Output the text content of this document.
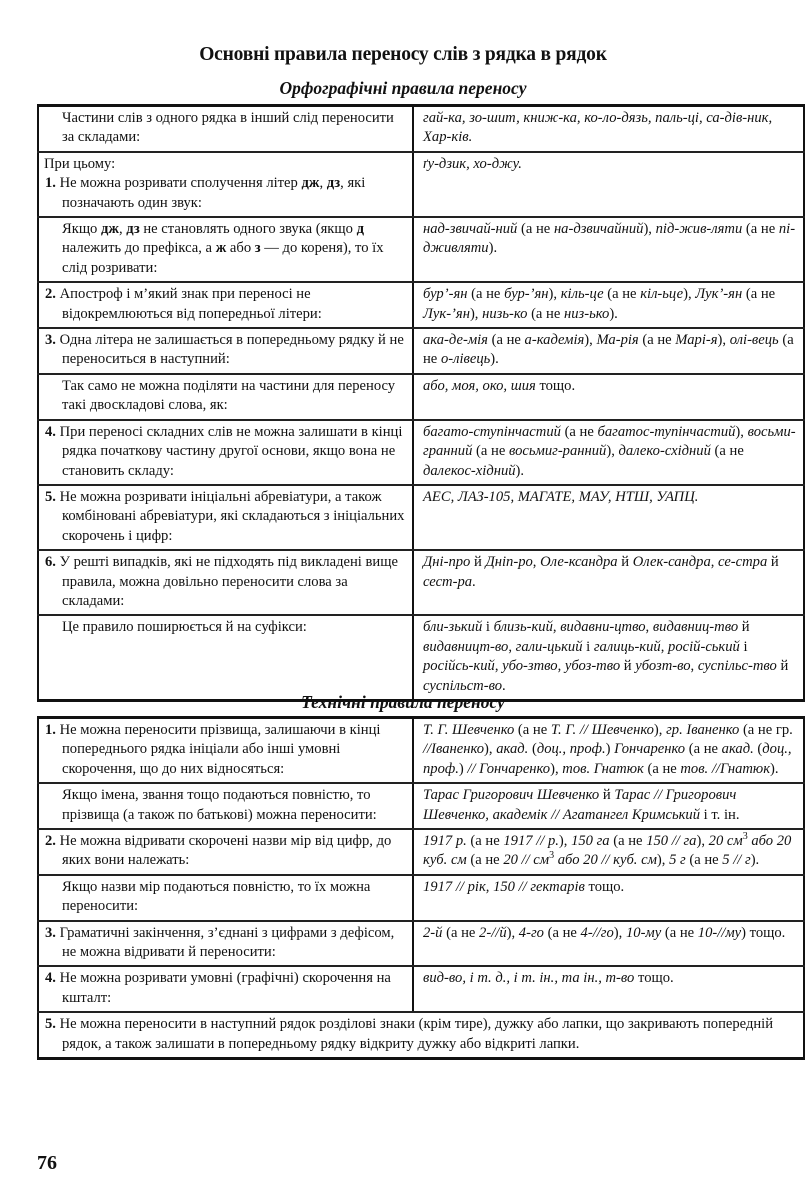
Основні правила переносу слів з рядка в рядок
Орфографічні правила переносу
Частини слів з одного рядка в інший слід переносити за складами:	гай-ка, зо-шит, книж-ка, ко-ло-дязь, паль-ці, са-дів-ник, Хар-ків.

При цьому:
1. Не можна розривати сполучення літер дж, дз, які позначають один звук:	ґу-дзик, хо-джу.

Якщо дж, дз не становлять одного звука (якщо д належить до префікса, а ж або з — до кореня), то їх слід розривати:	над-звичай-ний (а не на-дзвичайний), під-жив-ляти (а не пі-дживляти).

2. Апостроф і м’який знак при переносі не відокремлюються від попередньої літери:	бур’-ян (а не бур-’ян), кіль-це (а не кіл-ьце), Лук’-ян (а не Лук-’ян), низь-ко (а не низ-ько).

3. Одна літера не залишається в попередньому рядку й не переноситься в наступний:	ака-де-мія (а не а-кадемія), Ма-рія (а не Марі-я), олі-вець (а не о-лівець).

Так само не можна поділяти на частини для переносу такі двоскладові слова, як:	або, моя, око, шия тощо.

4. При переносі складних слів не можна залишати в кінці рядка початкову частину другої основи, якщо вона не становить складу:	багато-ступінчастий (а не багатос-тупінчастий), восьми-гранний (а не восьмиг-ранний), далеко-східний (а не далекос-хідний).

5. Не можна розривати ініціальні абревіатури, а також комбіновані абревіатури, які складаються з ініціальних скорочень і цифр:	АЕС, ЛАЗ-105, МАГАТЕ, МАУ, НТШ, УАПЦ.

6. У решті випадків, які не підходять під викладені вище правила, можна довільно переносити слова за складами:	Дні-про й Дніп-ро, Оле-ксандра й Олек-сандра, се-стра й сест-ра.

Це правило поширюється й на суфікси:	бли-зький і близь-кий, видавни-цтво, видавниц-тво й видавницт-во, гали-цький і галиць-кий, росій-ський і російсь-кий, убо-зтво, убоз-тво й убозт-во, суспільс-тво й суспільст-во.
Технічні правила переносу
1. Не можна переносити прізвища, залишаючи в кінці попереднього рядка ініціали або інші умовні скорочення, що до них відносяться:	Т. Г. Шевченко (а не Т. Г. // Шевченко), гр. Іваненко (а не гр. //Іваненко), акад. (доц., проф.) Гончаренко (а не акад. (доц., проф.) // Гончаренко), тов. Гнатюк (а не тов. //Гнатюк).

Якщо імена, звання тощо подаються повністю, то прізвища (а також по батькові) можна переносити:	Тарас Григорович Шевченко й Тарас // Григорович Шевченко, академік // Агатангел Кримський і т. ін.

2. Не можна відривати скорочені назви мір від цифр, до яких вони належать:	1917 р. (а не 1917 // р.), 150 га (а не 150 // га), 20 $см^3$ або 20 куб. см (а не $20 // см^3$ або 20 // куб. см), 5 г (а не 5 // г).

Якщо назви мір подаються повністю, то їх можна переносити:	1917 // рік, 150 // гектарів тощо.

3. Граматичні закінчення, з’єднані з цифрами з дефісом, не можна відривати й переносити:	2-й (а не 2-//й), 4-го (а не 4-//го), 10-му (а не 10-//му) тощо.

4. Не можна розривати умовні (графічні) скорочення на кшталт:	вид-во, і т. д., і т. ін., та ін., т-во тощо.

5. Не можна переносити в наступний рядок розділові знаки (крім тире), дужку або лапки, що закривають попередній рядок, а також залишати в попередньому рядку відкриту дужку або відкриті лапки.	
76
